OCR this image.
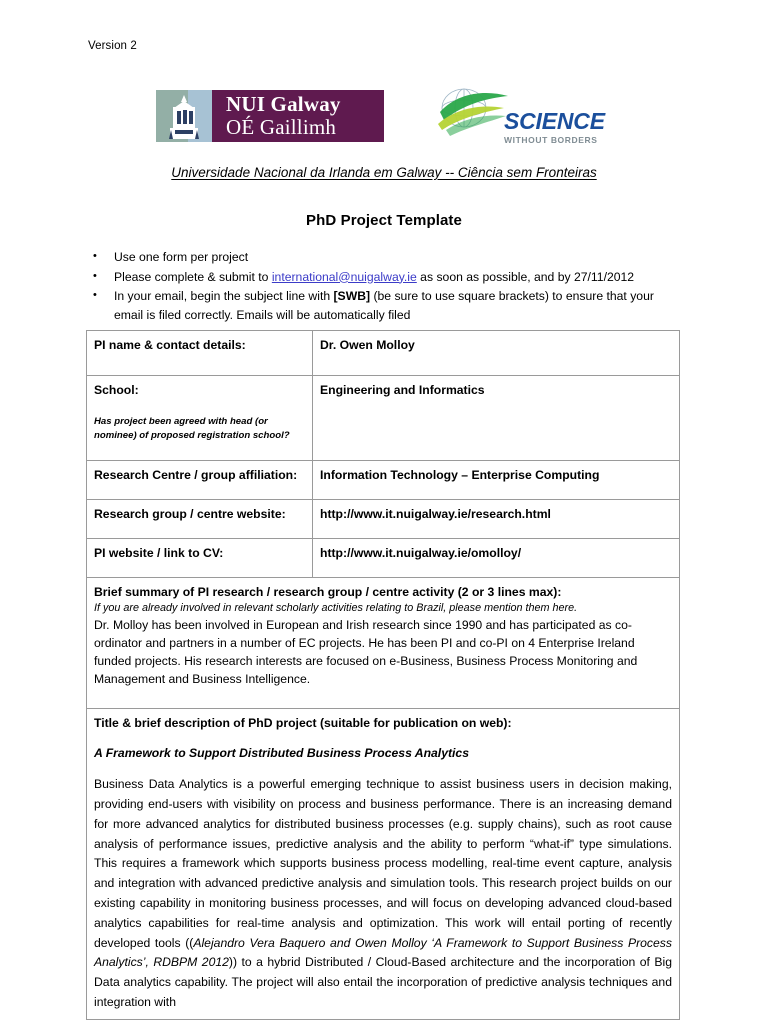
Version 2
NUI Galway
OÉ Gaillimh	SCIENCE
WITHOUT BORDERS
Universidade Nacional da Irlanda em Galway -- Ciência sem Fronteiras
PhD Project Template
• Use one form per project
• Please complete & submit to international@nuigalway.ie as soon as possible, and by 27/11/2012
• In your email, begin the subject line with [SWB] (be sure to use square brackets) to ensure that your email is filed correctly. Emails will be automatically filed
PI name & contact details:	Dr. Owen Molloy

School:
Has project been agreed with head (or nominee) of proposed registration school?	Engineering and Informatics
Research Centre / group affiliation:	Information Technology – Enterprise Computing
Research group / centre website:	http://www.it.nuigalway.ie/research.html
PI website / link to CV:	http://www.it.nuigalway.ie/omolloy/

Brief summary of PI research / research group / centre activity (2 or 3 lines max):
If you are already involved in relevant scholarly activities relating to Brazil, please mention them here.
Dr. Molloy has been involved in European and Irish research since 1990 and has participated as co-ordinator and partners in a number of EC projects. He has been PI and co-PI on 4 Enterprise Ireland funded projects. His research interests are focused on e-Business, Business Process Monitoring and Management and Business Intelligence.	

Title & brief description of PhD project (suitable for publication on web):
A Framework to Support Distributed Business Process Analytics
Business Data Analytics is a powerful emerging technique to assist business users in decision making, providing end-users with visibility on process and business performance. There is an increasing demand for more advanced analytics for distributed business processes (e.g. supply chains), such as root cause analysis of performance issues, predictive analysis and the ability to perform “what-if” type simulations. This requires a framework which supports business process modelling, real-time event capture, analysis and integration with advanced predictive analysis and simulation tools. This research project builds on our existing capability in monitoring business processes, and will focus on developing advanced cloud-based analytics capabilities for real-time analysis and optimization. This work will entail porting of recently developed tools ((Alejandro Vera Baquero and Owen Molloy ‘A Framework to Support Business Process Analytics’, RDBPM 2012)) to a hybrid Distributed / Cloud-Based architecture and the incorporation of Big Data analytics capability. The project will also entail the incorporation of predictive analysis techniques and integration with	
